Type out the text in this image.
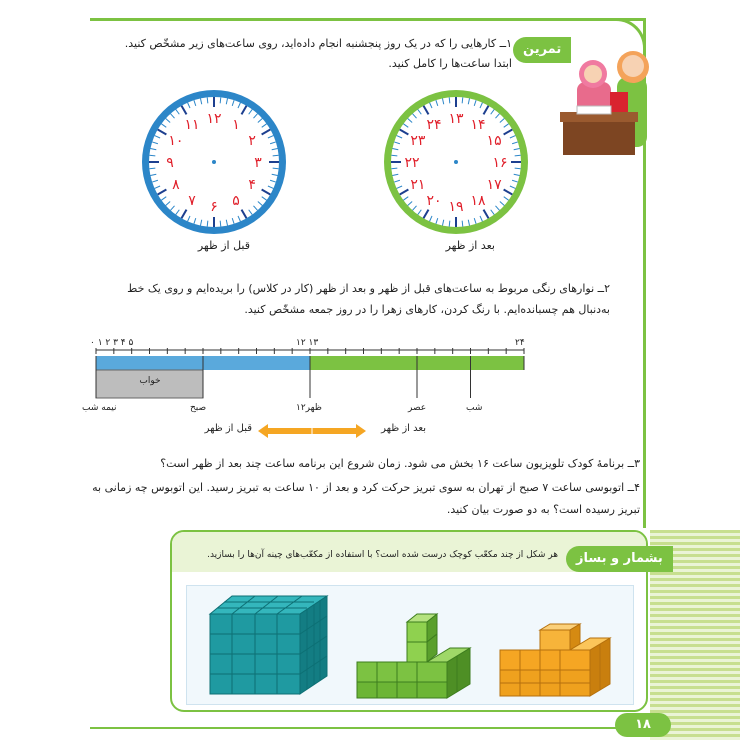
تمرین
۱ــ کارهایی را که در یک روز پنجشنبه انجام داده‌اید، روی ساعت‌های زیر مشخّص کنید.
ابتدا ساعت‌ها را کامل کنید.
۱۲ ۱
۲
۳
۴
۵
۶
۷
۸
۹
۱۰
۱۱	۱۳ ۱۴
۱۵
۱۶
۱۷
۱۸
۱۹
۲۰
۲۱
۲۲
۲۳
۲۴
قبل از ظهر	بعد از ظهر
۲ــ نوارهای رنگی مربوط به ساعت‌های قبل از ظهر و بعد از ظهر (کار در کلاس) را بریده‌ایم و روی یک خط
به‌دنبال هم چسبانده‌ایم. با رنگ کردن، کارهای زهرا را در روز جمعه مشخّص کنید.
۰ ۱ ۲ ۳ ۴ ۵	۱۲ ۱۳	۲۴
خواب
نیمه شب	صبح	۱۲ظهر	عصر	شب
قبل از ظهر	بعد از ظهر
۳ــ برنامهٔ کودک تلویزیون ساعت ۱۶ بخش می شود. زمان شروع این برنامه ساعت چند بعد از ظهر است؟
۴ــ اتوبوسی ساعت ۷ صبح از تهران به سوی تبریز حرکت کرد و بعد از ۱۰ ساعت به تبریز رسید. این اتوبوس چه زمانی به
تبریز رسیده است؟ به دو صورت بیان کنید.
بشمار و بساز
هر شکل از چند مکعّب کوچک درست شده است؟ با استفاده از مکعّب‌های چینه آن‌ها را بسازید.
۱۸
